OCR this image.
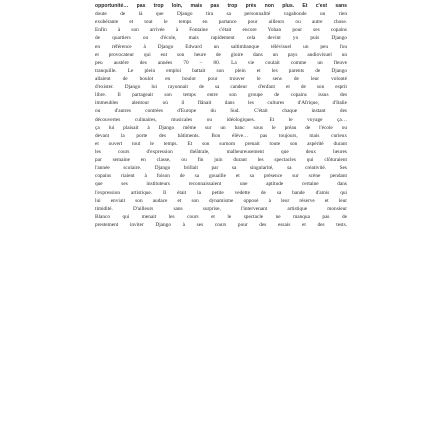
opportunité… pas trop loin, mais pas trop près non plus. Et c'est sans
doute de là que Django tira sa personnalité vagabonde un rien
exubérante et tout le temps en partance pour ailleurs ou autre chose.
Enfin à son arrivée à Fontaine c'était encore Yohan pour ses copains
de quartiers ou d'école, mais rapidement cela devint yo puis Django
en référence à Django Edward un saltimbanque télévisuel un peu fou
et provocateur qui eut son heure de gloire dans un pays audiovisuel un
peu austère des années 70 – 80. La vie coulait comme un fleuve
tranquille. Le plein emploi battait son plein et les parents de Django
allaient de boulot en boulot pour trouver le sens de leur volonté
d'exister. Django lui rayonnait de sa candeur d'enfant et de son esprit
libre. Il partageait son temps entre son groupe de copains issus des
immeubles alentour où il flânait dans les cultures d'Afrique, d'Italie
ou d'autres contrées d'Europe du Sud. C'était chaque instant des
découvertes culinaires, musicales ou idéologiques. Et le voyage ça…
ça lui plaisait à Django même sur un banc sous le préau de l'école ou
devant la porte des bâtiments. Bon élève… pas toujours, mais curieux
et ouvert tout le temps. Et son surnom prenait toute son aspérité durant
les cours d'expression théâtrale, malheureusement que deux heures
par semaine en classe, ou fin juin durant les spectacles qui clôturaient
l'année scolaire. Django brillait par sa singularité, sa créativité. Ses
copains riaient à foison de sa gouaille et sa présence sur scène pendant
que ses instituteurs reconnaissaient une aptitude certaine dans
l'expression artistique. Il était la petite vedette de sa bande d'amis qui
lui enviait son audace et son dynamisme opposé à leur réserve et leur
timidité. D'ailleurs sans surprise, l'intervenant artistique monsieur
Blanco qui menait les cours et le spectacle ne manqua pas de
prestement inviter Django à ses cours pour des essais et des tests.
